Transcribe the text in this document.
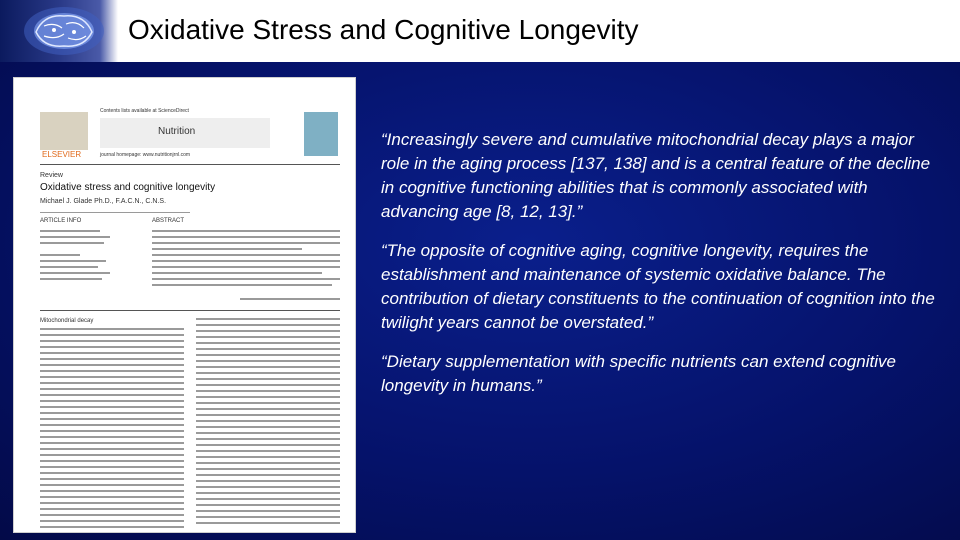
Oxidative Stress and Cognitive Longevity
Contents lists available at ScienceDirect
Nutrition
ELSEVIER	journal homepage: www.nutritionjrnl.com
Review
Oxidative stress and cognitive longevity
Michael J. Glade Ph.D., F.A.C.N., C.N.S.
ARTICLE INFO	ABSTRACT
Mitochondrial decay

“Increasingly severe and cumulative mitochondrial decay plays a major role in the aging process [137, 138] and is a central feature of the decline in cognitive functioning abilities that is commonly associated with advancing age [8, 12, 13].”

“The opposite of cognitive aging, cognitive longevity, requires the establishment and maintenance of systemic oxidative balance. The contribution of dietary constituents to the continuation of cognition into the twilight years cannot be overstated.”

“Dietary supplementation with specific nutrients can extend cognitive longevity in humans.”
